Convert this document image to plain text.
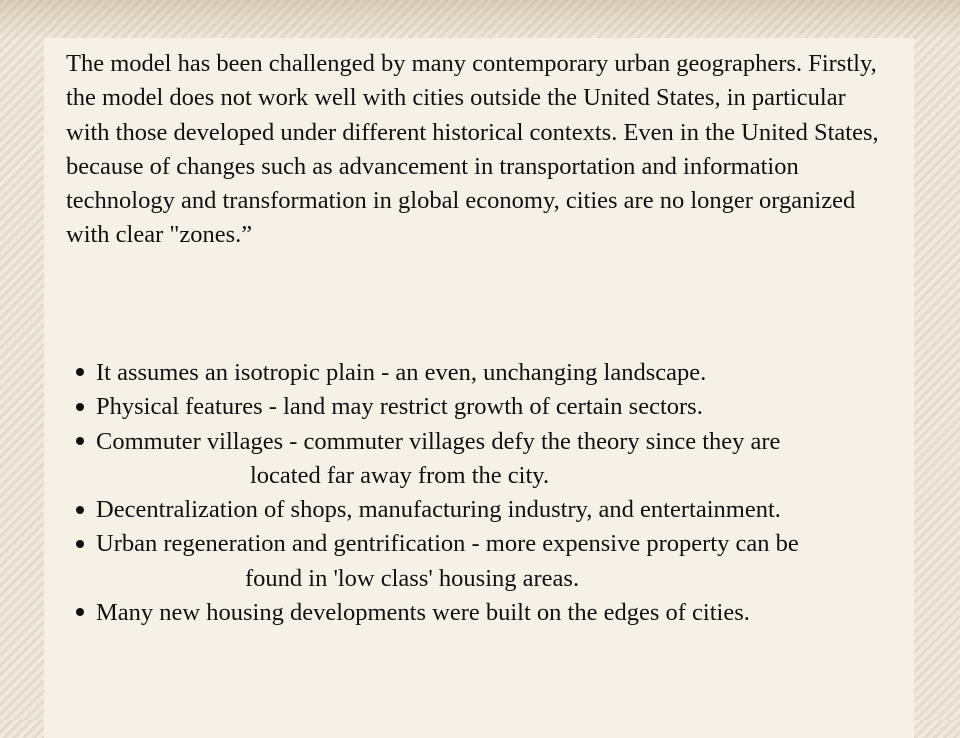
The model has been challenged by many contemporary urban geographers. Firstly, the model does not work well with cities outside the United States, in particular with those developed under different historical contexts. Even in the United States, because of changes such as advancement in transportation and information technology and transformation in global economy, cities are no longer organized with clear "zones.”

It assumes an isotropic plain - an even, unchanging landscape.
Physical features - land may restrict growth of certain sectors.
Commuter villages - commuter villages defy the theory since they arelocated far away from the city.
Decentralization of shops, manufacturing industry, and entertainment.
Urban regeneration and gentrification - more expensive property can befound in 'low class' housing areas.
Many new housing developments were built on the edges of cities.
